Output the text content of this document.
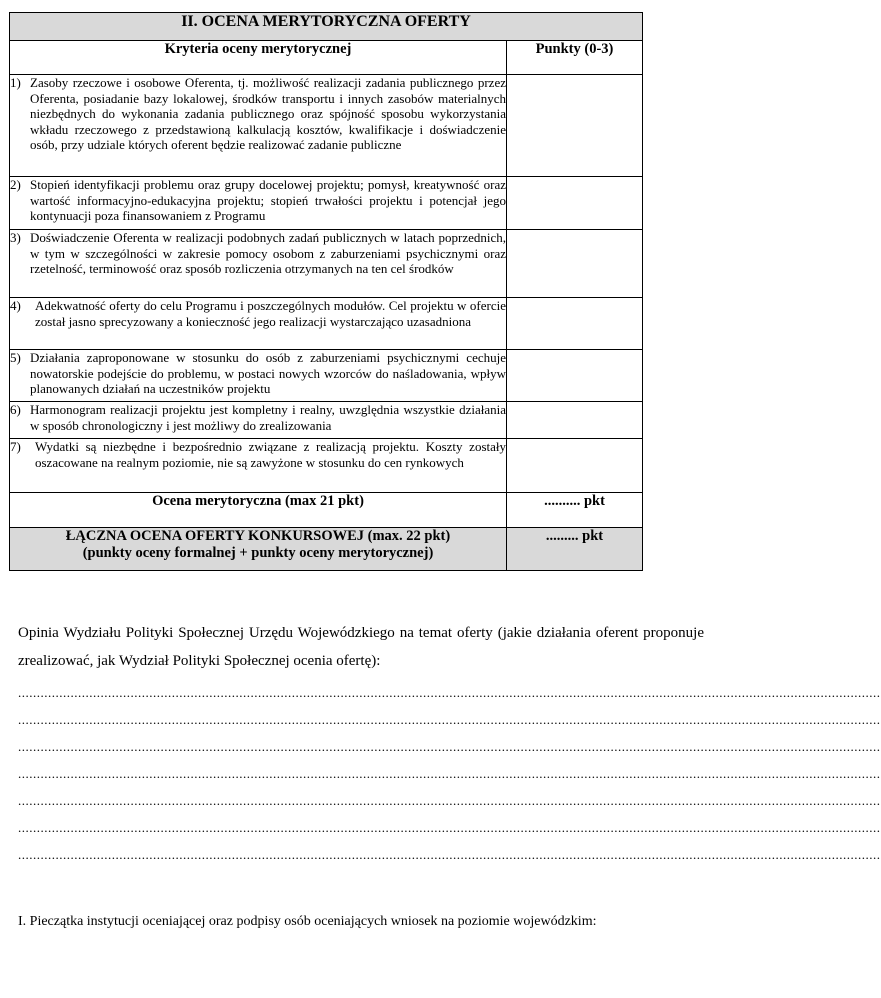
II. OCENA MERYTORYCZNA OFERTY	
Kryteria oceny merytorycznej	Punkty (0-3)

1) Zasoby rzeczowe i osobowe Oferenta, tj. możliwość realizacji zadania publicznego przez Oferenta, posiadanie bazy lokalowej, środków transportu i innych zasobów materialnych niezbędnych do wykonania zadania publicznego oraz spójność sposobu wykorzystania wkładu rzeczowego z przedstawioną kalkulacją kosztów, kwalifikacje i doświadczenie osób, przy udziale których oferent będzie realizować zadanie publiczne	

2) Stopień identyfikacji problemu oraz grupy docelowej projektu; pomysł, kreatywność oraz wartość informacyjno-edukacyjna projektu; stopień trwałości projektu i potencjał jego kontynuacji poza finansowaniem z Programu	

3) Doświadczenie Oferenta w realizacji podobnych zadań publicznych w latach poprzednich, w tym w szczególności w zakresie pomocy osobom z zaburzeniami psychicznymi oraz rzetelność, terminowość oraz sposób rozliczenia otrzymanych na ten cel środków	

4) Adekwatność oferty do celu Programu i poszczególnych modułów. Cel projektu w ofercie został jasno sprecyzowany a konieczność jego realizacji wystarczająco uzasadniona	

5) Działania zaproponowane w stosunku do osób z zaburzeniami psychicznymi cechuje nowatorskie podejście do problemu, w postaci nowych wzorców do naśladowania, wpływ planowanych działań na uczestników projektu	

6) Harmonogram realizacji projektu jest kompletny i realny, uwzględnia wszystkie działania w sposób chronologiczny i jest możliwy do zrealizowania	

7) Wydatki są niezbędne i bezpośrednio związane z realizacją projektu. Koszty zostały oszacowane na realnym poziomie, nie są zawyżone w stosunku do cen rynkowych	

Ocena merytoryczna (max 21 pkt)	.......... pkt

ŁĄCZNA OCENA OFERTY KONKURSOWEJ (max. 22 pkt)
(punkty oceny formalnej + punkty oceny merytorycznej)	......... pkt
Opinia Wydziału Polityki Społecznej Urzędu Wojewódzkiego na temat oferty (jakie działania oferent proponuje zrealizować, jak Wydział Polityki Społecznej ocenia ofertę):
......................................................................................................................................................................................................................................
......................................................................................................................................................................................................................................
......................................................................................................................................................................................................................................
......................................................................................................................................................................................................................................
......................................................................................................................................................................................................................................
......................................................................................................................................................................................................................................
......................................................................................................................................................................................................................................
I. Pieczątka instytucji oceniającej oraz podpisy osób oceniających wniosek na poziomie wojewódzkim:
